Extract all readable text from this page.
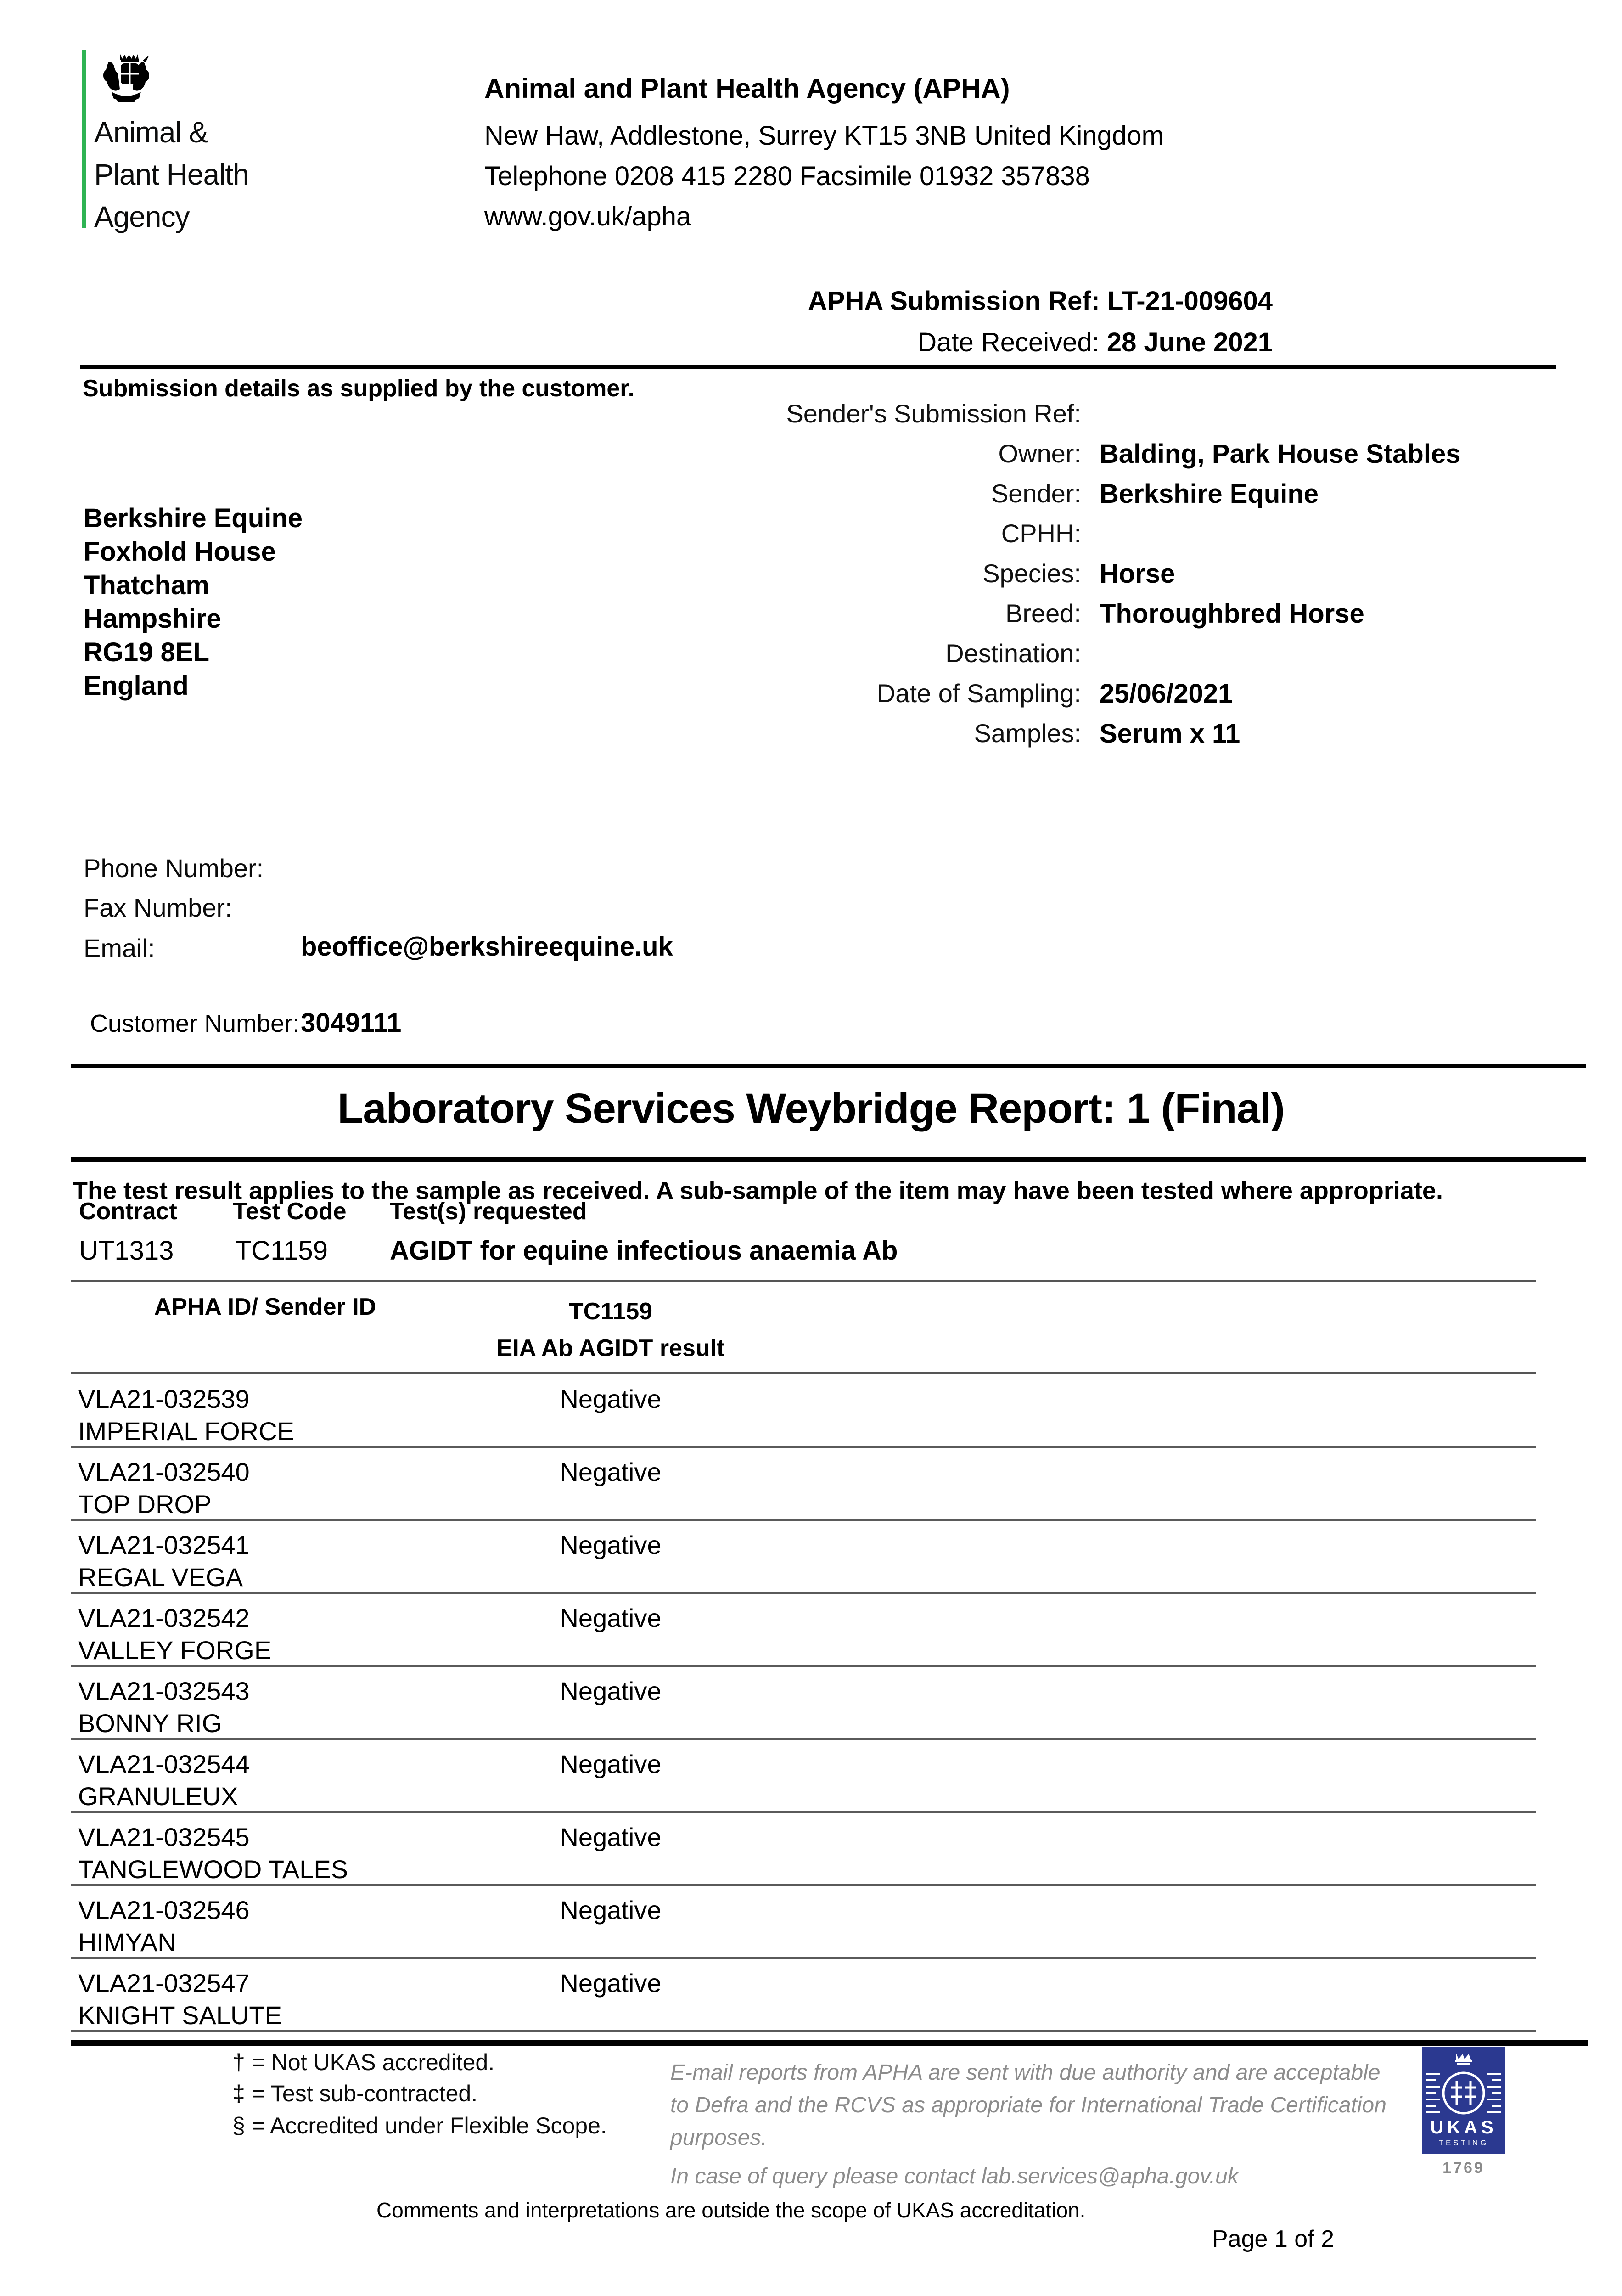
Animal &
Plant Health
Agency
Animal and Plant Health Agency (APHA)
New Haw, Addlestone, Surrey KT15 3NB United Kingdom
Telephone 0208 415 2280 Facsimile 01932 357838
www.gov.uk/apha
APHA Submission Ref: LT-21-009604
Date Received: 28 June 2021
Submission details as supplied by the customer.
Berkshire Equine
Foxhold House
Thatcham
Hampshire
RG19 8EL
England
Sender's Submission Ref:
Owner: Balding, Park House Stables
Sender: Berkshire Equine
CPHH:
Species: Horse
Breed: Thoroughbred Horse
Destination:
Date of Sampling: 25/06/2021
Samples: Serum x 11
Phone Number:
Fax Number:
Email:	beoffice@berkshireequine.uk
Customer Number: 3049111
Laboratory Services Weybridge Report: 1 (Final)
The test result applies to the sample as received. A sub-sample of the item may have been tested where appropriate.
Contract Test Code Test(s) requested
UT1313 TC1159 AGIDT for equine infectious anaemia Ab
APHA ID/ Sender ID	TC1159
EIA Ab AGIDT result
VLA21-032539	Negative
IMPERIAL FORCE
VLA21-032540	Negative
TOP DROP
VLA21-032541	Negative
REGAL VEGA
VLA21-032542	Negative
VALLEY FORGE
VLA21-032543	Negative
BONNY RIG
VLA21-032544	Negative
GRANULEUX
VLA21-032545	Negative
TANGLEWOOD TALES
VLA21-032546	Negative
HIMYAN
VLA21-032547	Negative
KNIGHT SALUTE
† = Not UKAS accredited.
‡ = Test sub-contracted.
§ = Accredited under Flexible Scope.
E-mail reports from APHA are sent with due authority and are acceptable to Defra and the RCVS as appropriate for International Trade Certification purposes.
In case of query please contact lab.services@apha.gov.uk
UKAS
TESTING
1769
Comments and interpretations are outside the scope of UKAS accreditation.
Page 1 of 2
